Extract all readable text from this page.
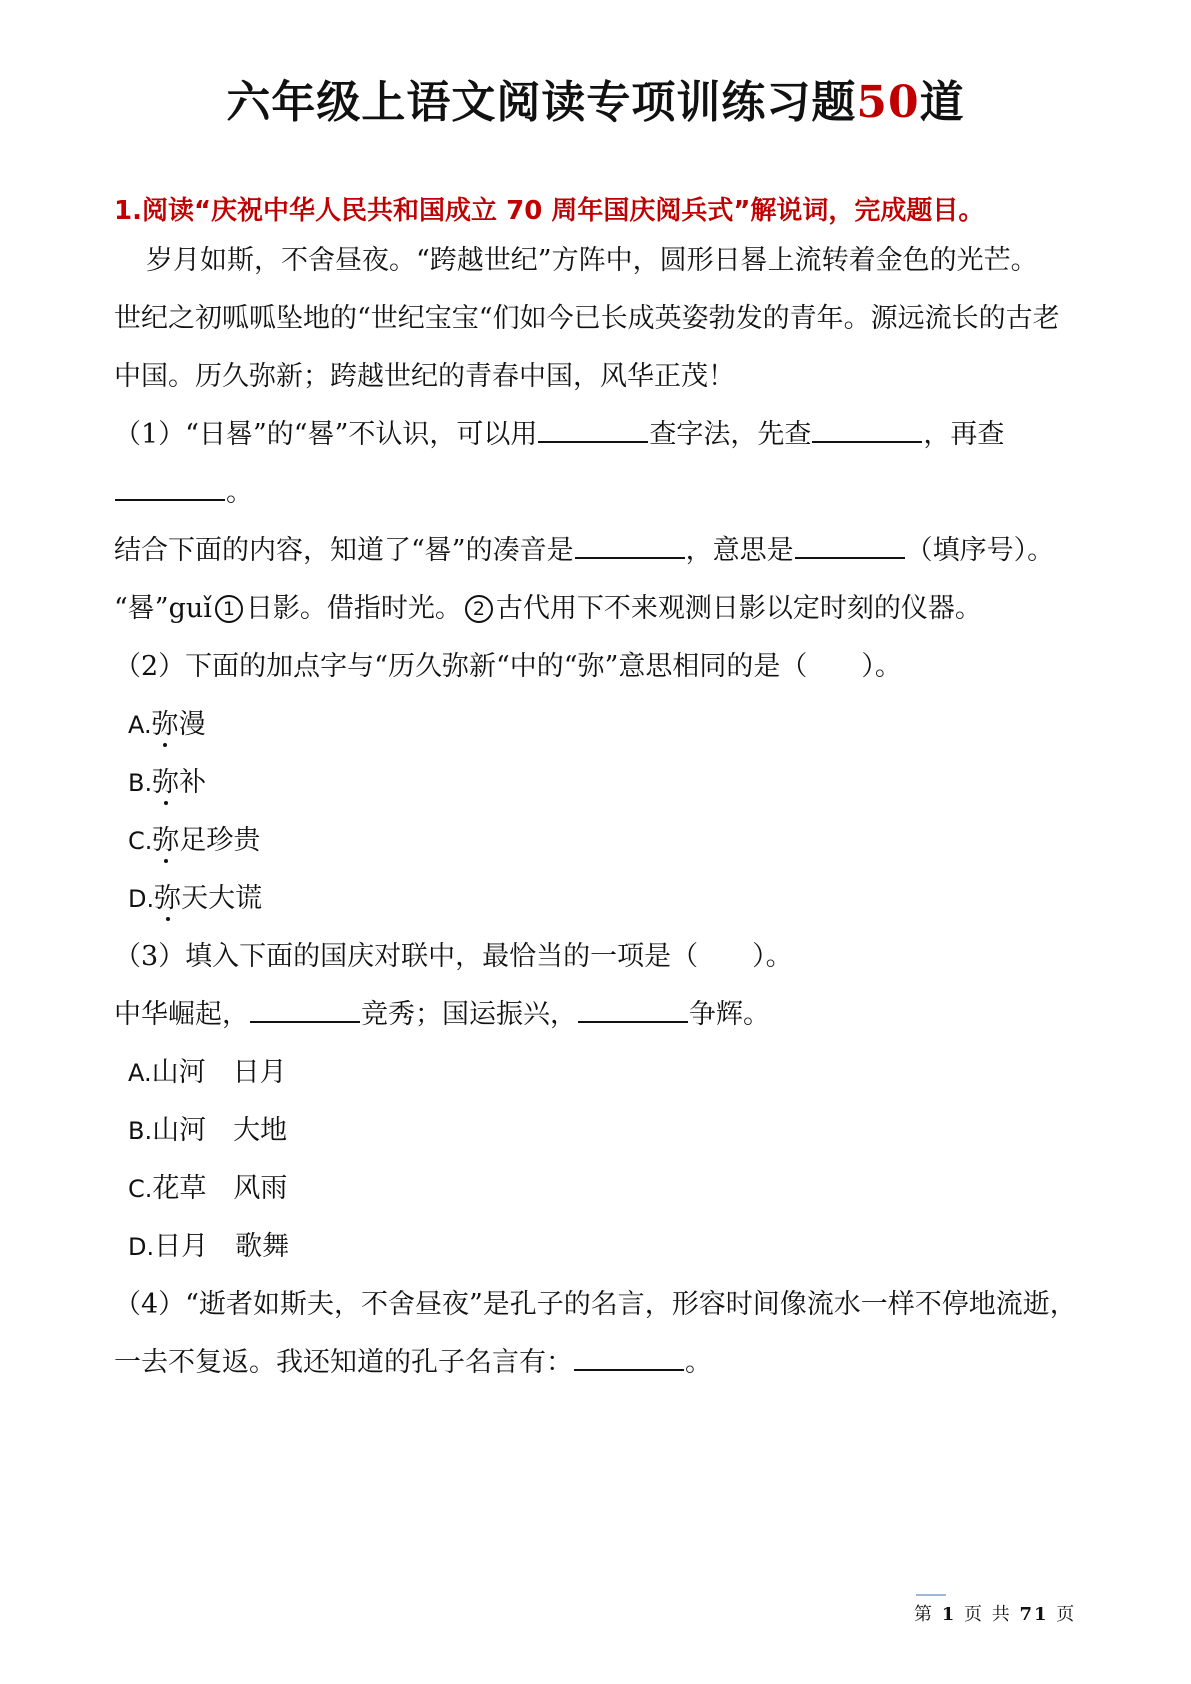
六年级上语文阅读专项训练习题50道
1.阅读“庆祝中华人民共和国成立 70 周年国庆阅兵式”解说词，完成题目。
岁月如斯，不舍昼夜。“跨越世纪”方阵中，圆形日晷上流转着金色的光芒。
世纪之初呱呱坠地的“世纪宝宝“们如今已长成英姿勃发的青年。源远流长的古老
中国。历久弥新；跨越世纪的青春中国，风华正茂！
（1）“日晷”的“晷”不认识，可以用	查字法，先查	，再查
。
结合下面的内容，知道了“晷”的凑音是	，意思是	（填序号）。
“晷”guǐ 1 日影。借指时光。 2 古代用下不来观测日影以定时刻的仪器。
（2）下面的加点字与“历久弥新“中的“弥”意思相同的是（　　）。
A.弥漫
B.弥补
C.弥足珍贵
D.弥天大谎
（3）填入下面的国庆对联中，最恰当的一项是（　　）。
中华崛起，	竞秀；国运振兴，	争辉。
A.山河　日月
B.山河　大地
C.花草　风雨
D.日月　歌舞
（4）“逝者如斯夫，不舍昼夜”是孔子的名言，形容时间像流水一样不停地流逝，
一去不复返。我还知道的孔子名言有：	。
第 1 页 共 71 页
